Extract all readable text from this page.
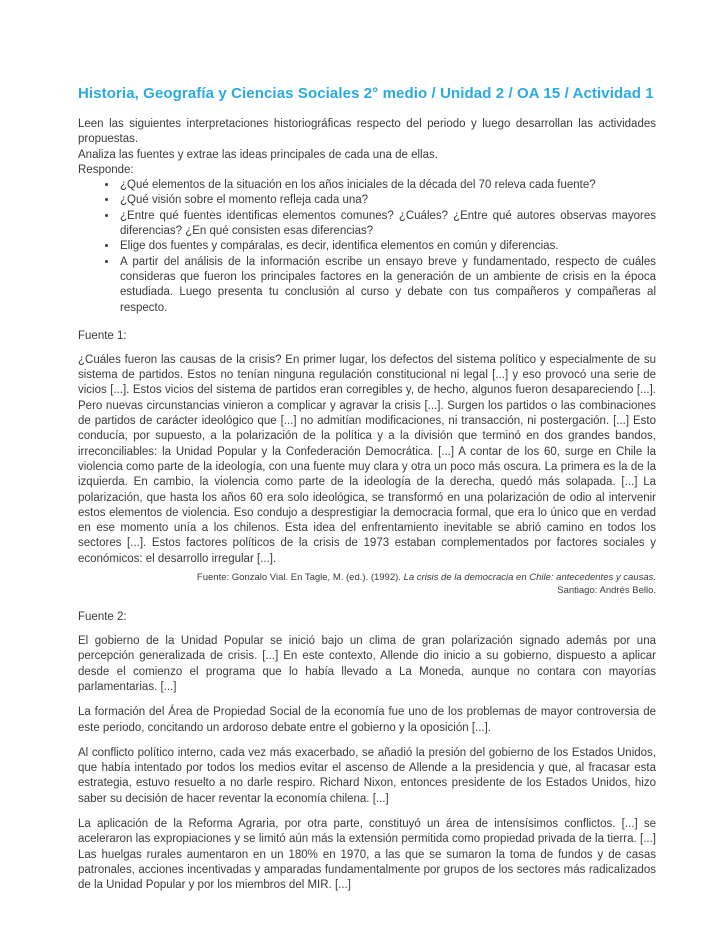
Historia, Geografía y Ciencias Sociales 2° medio / Unidad 2 / OA 15 / Actividad 1

Leen las siguientes interpretaciones historiográficas respecto del periodo y luego desarrollan las actividades propuestas.

Analiza las fuentes y extrae las ideas principales de cada una de ellas.

Responde:

• ¿Qué elementos de la situación en los años iniciales de la década del 70 releva cada fuente?
• ¿Qué visión sobre el momento refleja cada una?
• ¿Entre qué fuentes identificas elementos comunes? ¿Cuáles? ¿Entre qué autores observas mayores diferencias? ¿En qué consisten esas diferencias?
• Elige dos fuentes y compáralas, es decir, identifica elementos en común y diferencias.
• A partir del análisis de la información escribe un ensayo breve y fundamentado, respecto de cuáles consideras que fueron los principales factores en la generación de un ambiente de crisis en la época estudiada. Luego presenta tu conclusión al curso y debate con tus compañeros y compañeras al respecto.

Fuente 1:

¿Cuáles fueron las causas de la crisis? En primer lugar, los defectos del sistema político y especialmente de su sistema de partidos. Estos no tenían ninguna regulación constitucional ni legal [...] y eso provocó una serie de vicios [...]. Estos vicios del sistema de partidos eran corregibles y, de hecho, algunos fueron desapareciendo [...]. Pero nuevas circunstancias vinieron a complicar y agravar la crisis [...]. Surgen los partidos o las combinaciones de partidos de carácter ideológico que [...] no admitían modificaciones, ni transacción, ni postergación. [...] Esto conducía, por supuesto, a la polarización de la política y a la división que terminó en dos grandes bandos, irreconciliables: la Unidad Popular y la Confederación Democrática. [...] A contar de los 60, surge en Chile la violencia como parte de la ideología, con una fuente muy clara y otra un poco más oscura. La primera es la de la izquierda. En cambio, la violencia como parte de la ideología de la derecha, quedó más solapada. [...] La polarización, que hasta los años 60 era solo ideológica, se transformó en una polarización de odio al intervenir estos elementos de violencia. Eso condujo a desprestigiar la democracia formal, que era lo único que en verdad en ese momento unía a los chilenos. Esta idea del enfrentamiento inevitable se abrió camino en todos los sectores [...]. Estos factores políticos de la crisis de 1973 estaban complementados por factores sociales y económicos: el desarrollo irregular [...].

Fuente: Gonzalo Vial. En Tagle, M. (ed.). (1992). La crisis de la democracia en Chile: antecedentes y causas.
Santiago: Andrés Bello.

Fuente 2:

El gobierno de la Unidad Popular se inició bajo un clima de gran polarización signado además por una percepción generalizada de crisis. [...] En este contexto, Allende dio inicio a su gobierno, dispuesto a aplicar desde el comienzo el programa que lo había llevado a La Moneda, aunque no contara con mayorías parlamentarias. [...]

La formación del Área de Propiedad Social de la economía fue uno de los problemas de mayor controversia de este periodo, concitando un ardoroso debate entre el gobierno y la oposición [...].

Al conflicto político interno, cada vez más exacerbado, se añadió la presión del gobierno de los Estados Unidos, que había intentado por todos los medios evitar el ascenso de Allende a la presidencia y que, al fracasar esta estrategia, estuvo resuelto a no darle respiro. Richard Nixon, entonces presidente de los Estados Unidos, hizo saber su decisión de hacer reventar la economía chilena. [...]

La aplicación de la Reforma Agraria, por otra parte, constituyó un área de intensísimos conflictos. [...] se aceleraron las expropiaciones y se limitó aún más la extensión permitida como propiedad privada de la tierra. [...] Las huelgas rurales aumentaron en un 180% en 1970, a las que se sumaron la toma de fundos y de casas patronales, acciones incentivadas y amparadas fundamentalmente por grupos de los sectores más radicalizados de la Unidad Popular y por los miembros del MIR. [...]
